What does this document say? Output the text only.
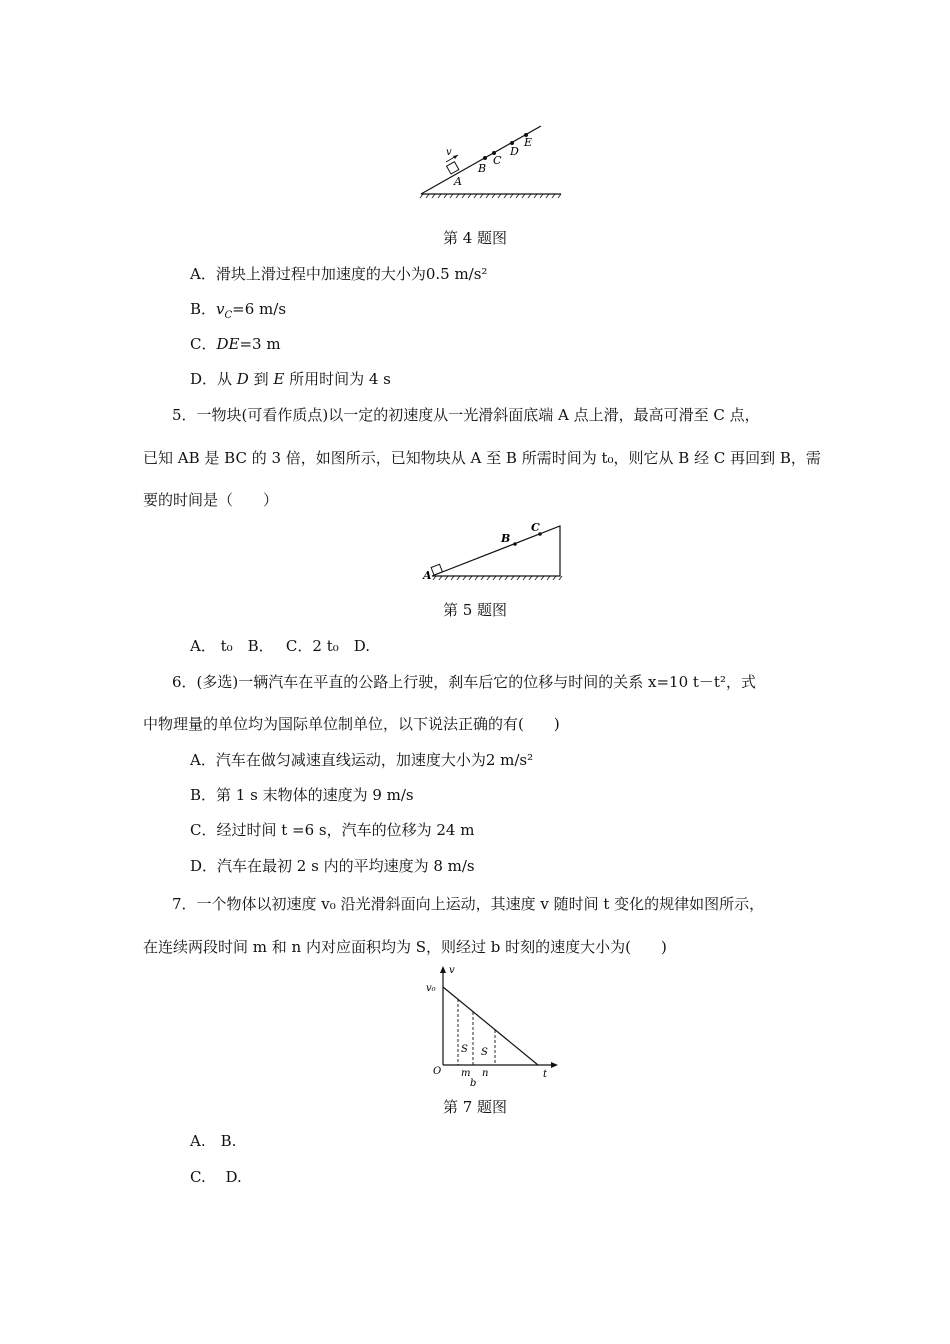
v
A
B
C
D
E
第 4 题图
A．滑块上滑过程中加速度的大小为0.5 m/s²
B．$v_C=6$ m/s
C．DE=3 m
D．从 D 到 E 所用时间为 4 s
5．一物块(可看作质点)以一定的初速度从一光滑斜面底端 A 点上滑，最高可滑至 C 点，
已知 AB 是 BC 的 3 倍，如图所示，已知物块从 A 至 B 所需时间为 t₀，则它从 B 经 C 再回到 B，需
要的时间是（　　）
A
B
C
第 5 题图
A． t₀　B．　 C．2 t₀　D.
6．(多选)一辆汽车在平直的公路上行驶，刹车后它的位移与时间的关系 x=10 t－t²，式
中物理量的单位均为国际单位制单位，以下说法正确的有(　　)
A．汽车在做匀减速直线运动，加速度大小为2 m/s²
B．第 1 s 末物体的速度为 9 m/s
C．经过时间 t =6 s，汽车的位移为 24 m
D．汽车在最初 2 s 内的平均速度为 8 m/s
7．一个物体以初速度 v₀ 沿光滑斜面向上运动，其速度 v 随时间 t 变化的规律如图所示，
在连续两段时间 m 和 n 内对应面积均为 S，则经过 b 时刻的速度大小为(　　)
v
v₀
O	t
m n
b
S S
第 7 题图
A.　B.
C.　 D.
